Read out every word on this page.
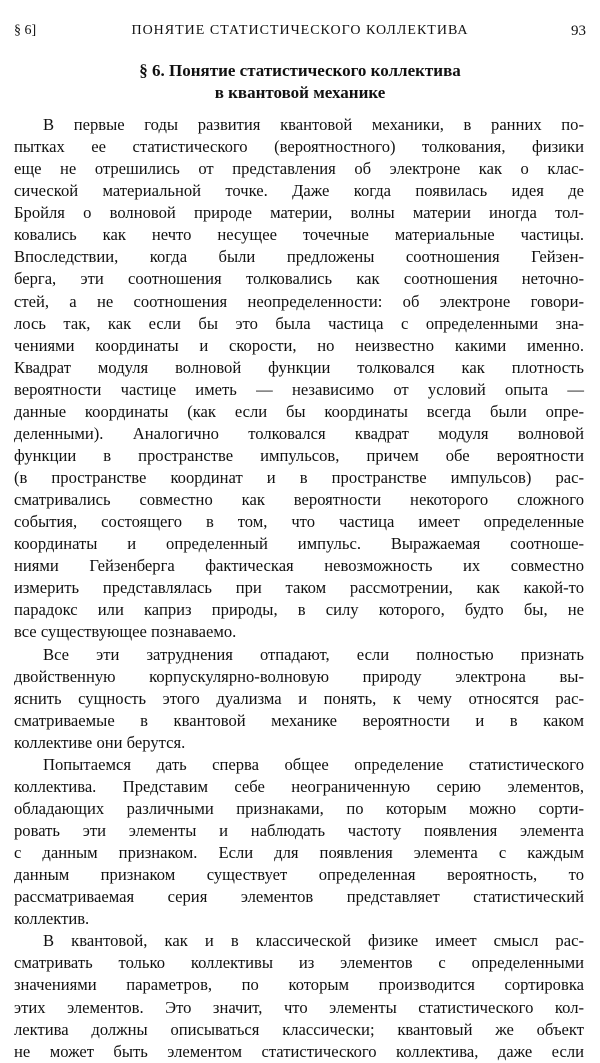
§ 6]	ПОНЯТИЕ СТАТИСТИЧЕСКОГО КОЛЛЕКТИВА	93
§ 6. Понятие статистического коллектива
в квантовой механике
В первые годы развития квантовой механики, в ранних по-
пытках ее статистического (вероятностного) толкования, физики
еще не отрешились от представления об электроне как о клас-
сической материальной точке. Даже когда появилась идея де
Бройля о волновой природе материи, волны материи иногда тол-
ковались как нечто несущее точечные материальные частицы.
Впоследствии, когда были предложены соотношения Гейзен-
берга, эти соотношения толковались как соотношения неточно-
стей, а не соотношения неопределенности: об электроне говори-
лось так, как если бы это была частица с определенными зна-
чениями координаты и скорости, но неизвестно какими именно.
Квадрат модуля волновой функции толковался как плотность
вероятности частице иметь — независимо от условий опыта —
данные координаты (как если бы координаты всегда были опре-
деленными). Аналогично толковался квадрат модуля волновой
функции в пространстве импульсов, причем обе вероятности
(в пространстве координат и в пространстве импульсов) рас-
сматривались совместно как вероятности некоторого сложного
события, состоящего в том, что частица имеет определенные
координаты и определенный импульс. Выражаемая соотноше-
ниями Гейзенберга фактическая невозможность их совместно
измерить представлялась при таком рассмотрении, как какой-то
парадокс или каприз природы, в силу которого, будто бы, не
все существующее познаваемо.
Все эти затруднения отпадают, если полностью признать
двойственную корпускулярно-волновую природу электрона вы-
яснить сущность этого дуализма и понять, к чему относятся рас-
сматриваемые в квантовой механике вероятности и в каком
коллективе они берутся.
Попытаемся дать сперва общее определение статистического
коллектива. Представим себе неограниченную серию элементов,
обладающих различными признаками, по которым можно сорти-
ровать эти элементы и наблюдать частоту появления элемента
с данным признаком. Если для появления элемента с каждым
данным признаком существует определенная вероятность, то
рассматриваемая серия элементов представляет статистический
коллектив.
В квантовой, как и в классической физике имеет смысл рас-
сматривать только коллективы из элементов с определенными
значениями параметров, по которым производится сортировка
этих элементов. Это значит, что элементы статистического кол-
лектива должны описываться классически; квантовый же объект
не может быть элементом статистического коллектива, даже если
